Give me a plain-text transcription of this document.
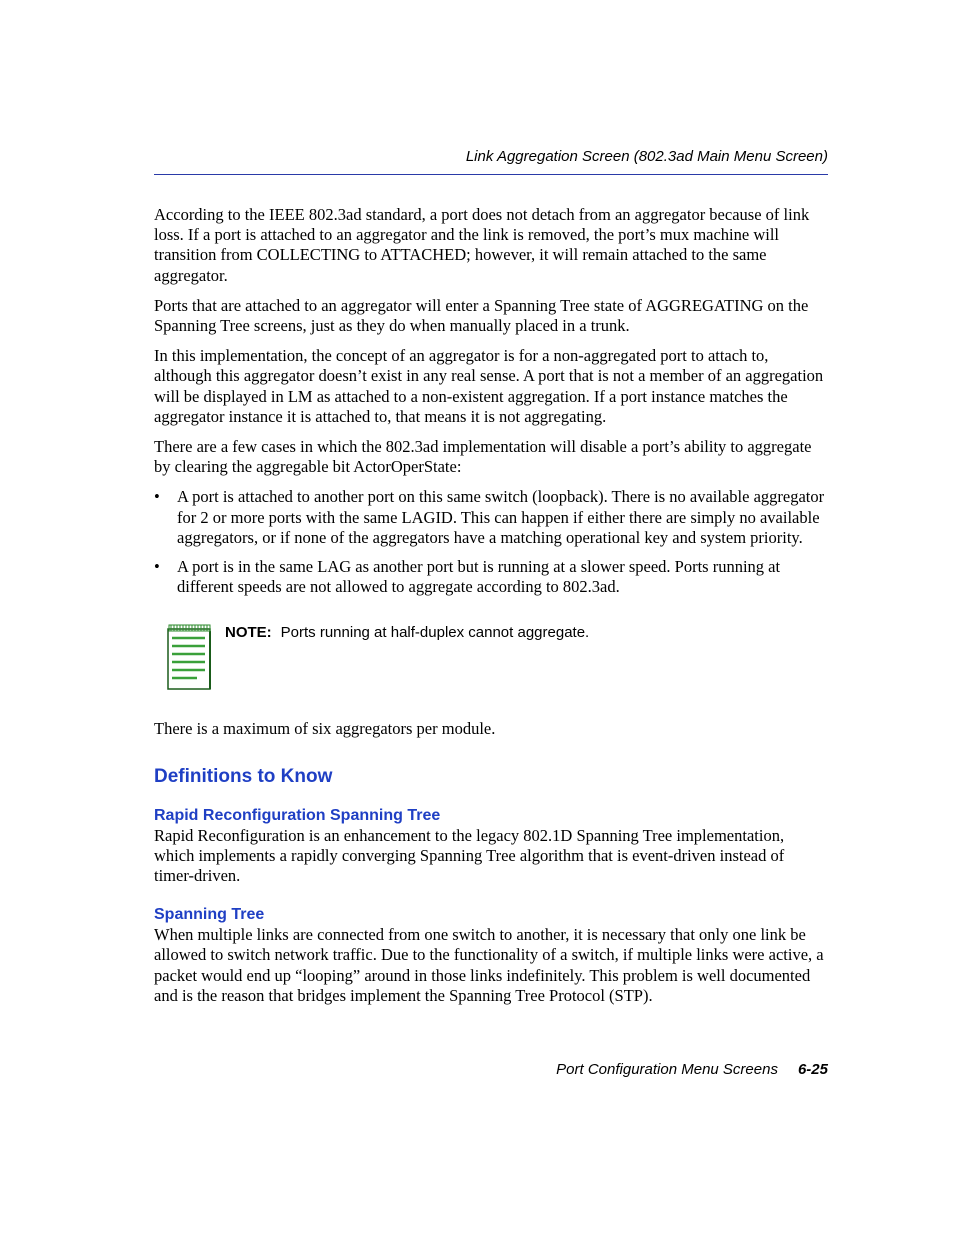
Link Aggregation Screen (802.3ad Main Menu Screen)

According to the IEEE 802.3ad standard, a port does not detach from an aggregator because of link loss. If a port is attached to an aggregator and the link is removed, the port’s mux machine will transition from COLLECTING to ATTACHED; however, it will remain attached to the same aggregator.

Ports that are attached to an aggregator will enter a Spanning Tree state of AGGREGATING on the Spanning Tree screens, just as they do when manually placed in a trunk.

In this implementation, the concept of an aggregator is for a non-aggregated port to attach to, although this aggregator doesn’t exist in any real sense. A port that is not a member of an aggregation will be displayed in LM as attached to a non-existent aggregation. If a port instance matches the aggregator instance it is attached to, that means it is not aggregating.

There are a few cases in which the 802.3ad implementation will disable a port’s ability to aggregate by clearing the aggregable bit ActorOperState:

• A port is attached to another port on this same switch (loopback). There is no available aggregator for 2 or more ports with the same LAGID. This can happen if either there are simply no available aggregators, or if none of the aggregators have a matching operational key and system priority.
• A port is in the same LAG as another port but is running at a slower speed. Ports running at different speeds are not allowed to aggregate according to 802.3ad.
NOTE: Ports running at half-duplex cannot aggregate.

There is a maximum of six aggregators per module.

Definitions to Know
Rapid Reconfiguration Spanning Tree

Rapid Reconfiguration is an enhancement to the legacy 802.1D Spanning Tree implementation, which implements a rapidly converging Spanning Tree algorithm that is event-driven instead of timer-driven.

Spanning Tree

When multiple links are connected from one switch to another, it is necessary that only one link be allowed to switch network traffic. Due to the functionality of a switch, if multiple links were active, a packet would end up “looping” around in those links indefinitely. This problem is well documented and is the reason that bridges implement the Spanning Tree Protocol (STP).

Port Configuration Menu Screens 6-25
